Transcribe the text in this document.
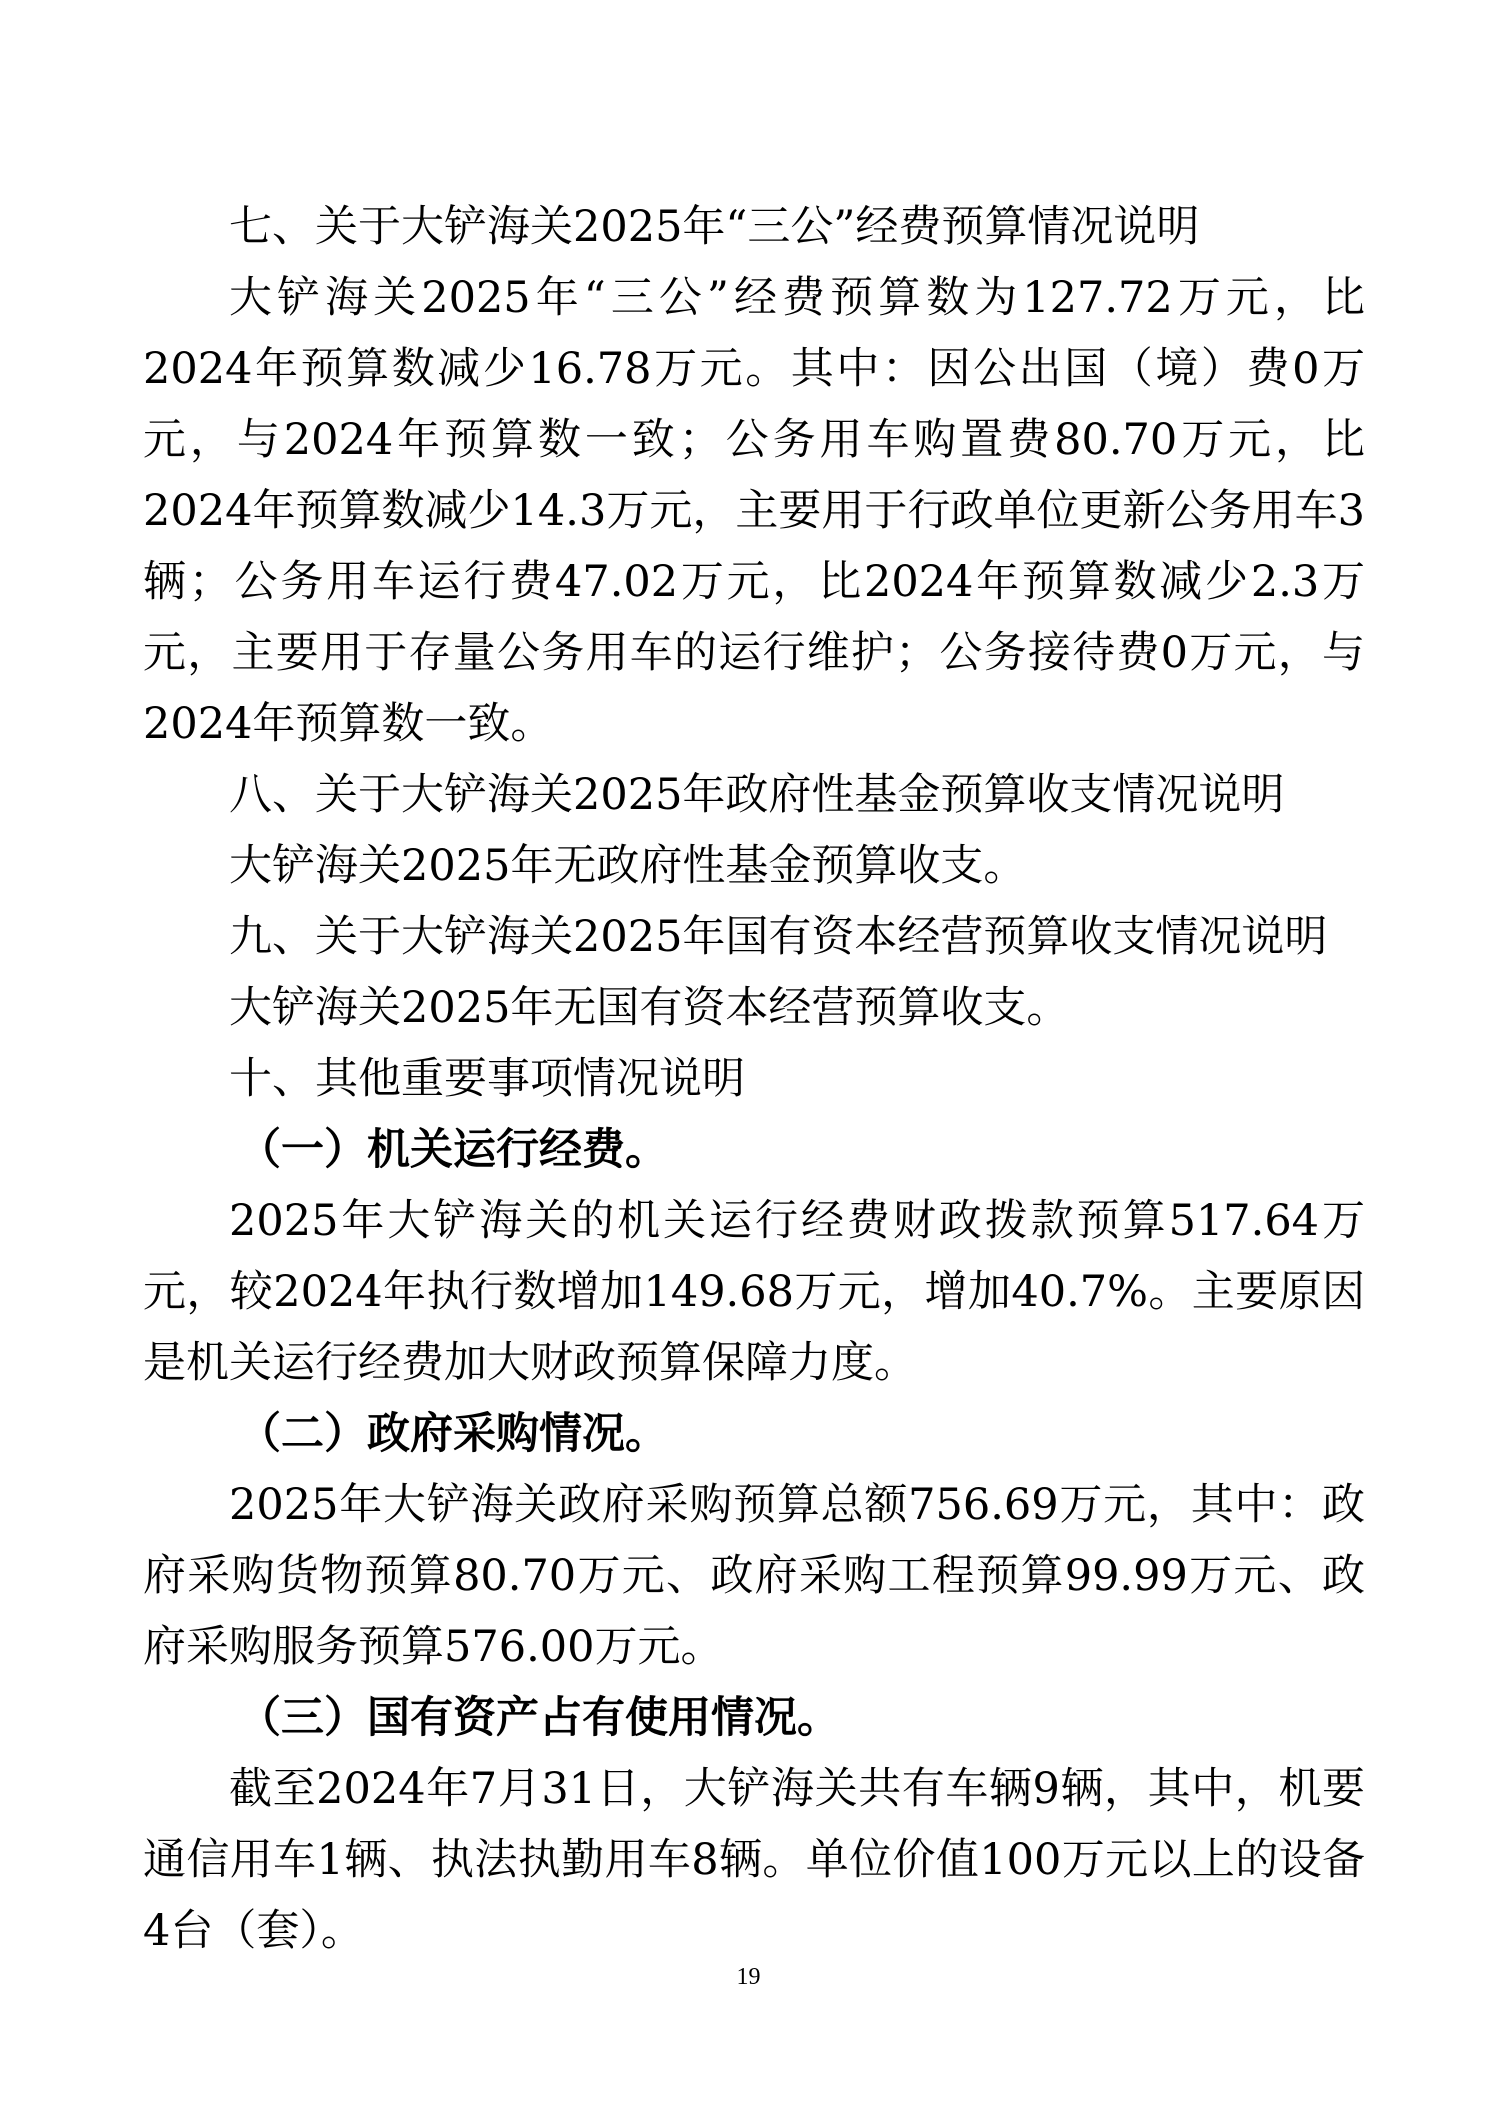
七、关于大铲海关2025年“三公”经费预算情况说明

大铲海关2025年“三公”经费预算数为127.72万元，比2024年预算数减少16.78万元。其中：因公出国（境）费0万元，与2024年预算数一致；公务用车购置费80.70万元，比2024年预算数减少14.3万元，主要用于行政单位更新公务用车3辆；公务用车运行费47.02万元，比2024年预算数减少2.3万元，主要用于存量公务用车的运行维护；公务接待费0万元，与2024年预算数一致。

八、关于大铲海关2025年政府性基金预算收支情况说明

大铲海关2025年无政府性基金预算收支。

九、关于大铲海关2025年国有资本经营预算收支情况说明

大铲海关2025年无国有资本经营预算收支。

十、其他重要事项情况说明

（一）机关运行经费。

2025年大铲海关的机关运行经费财政拨款预算517.64万元，较2024年执行数增加149.68万元，增加40.7%。主要原因是机关运行经费加大财政预算保障力度。

（二）政府采购情况。

2025年大铲海关政府采购预算总额756.69万元，其中：政府采购货物预算80.70万元、政府采购工程预算99.99万元、政府采购服务预算576.00万元。

（三）国有资产占有使用情况。

截至2024年7月31日，大铲海关共有车辆9辆，其中，机要通信用车1辆、执法执勤用车8辆。单位价值100万元以上的设备4台（套）。

19
